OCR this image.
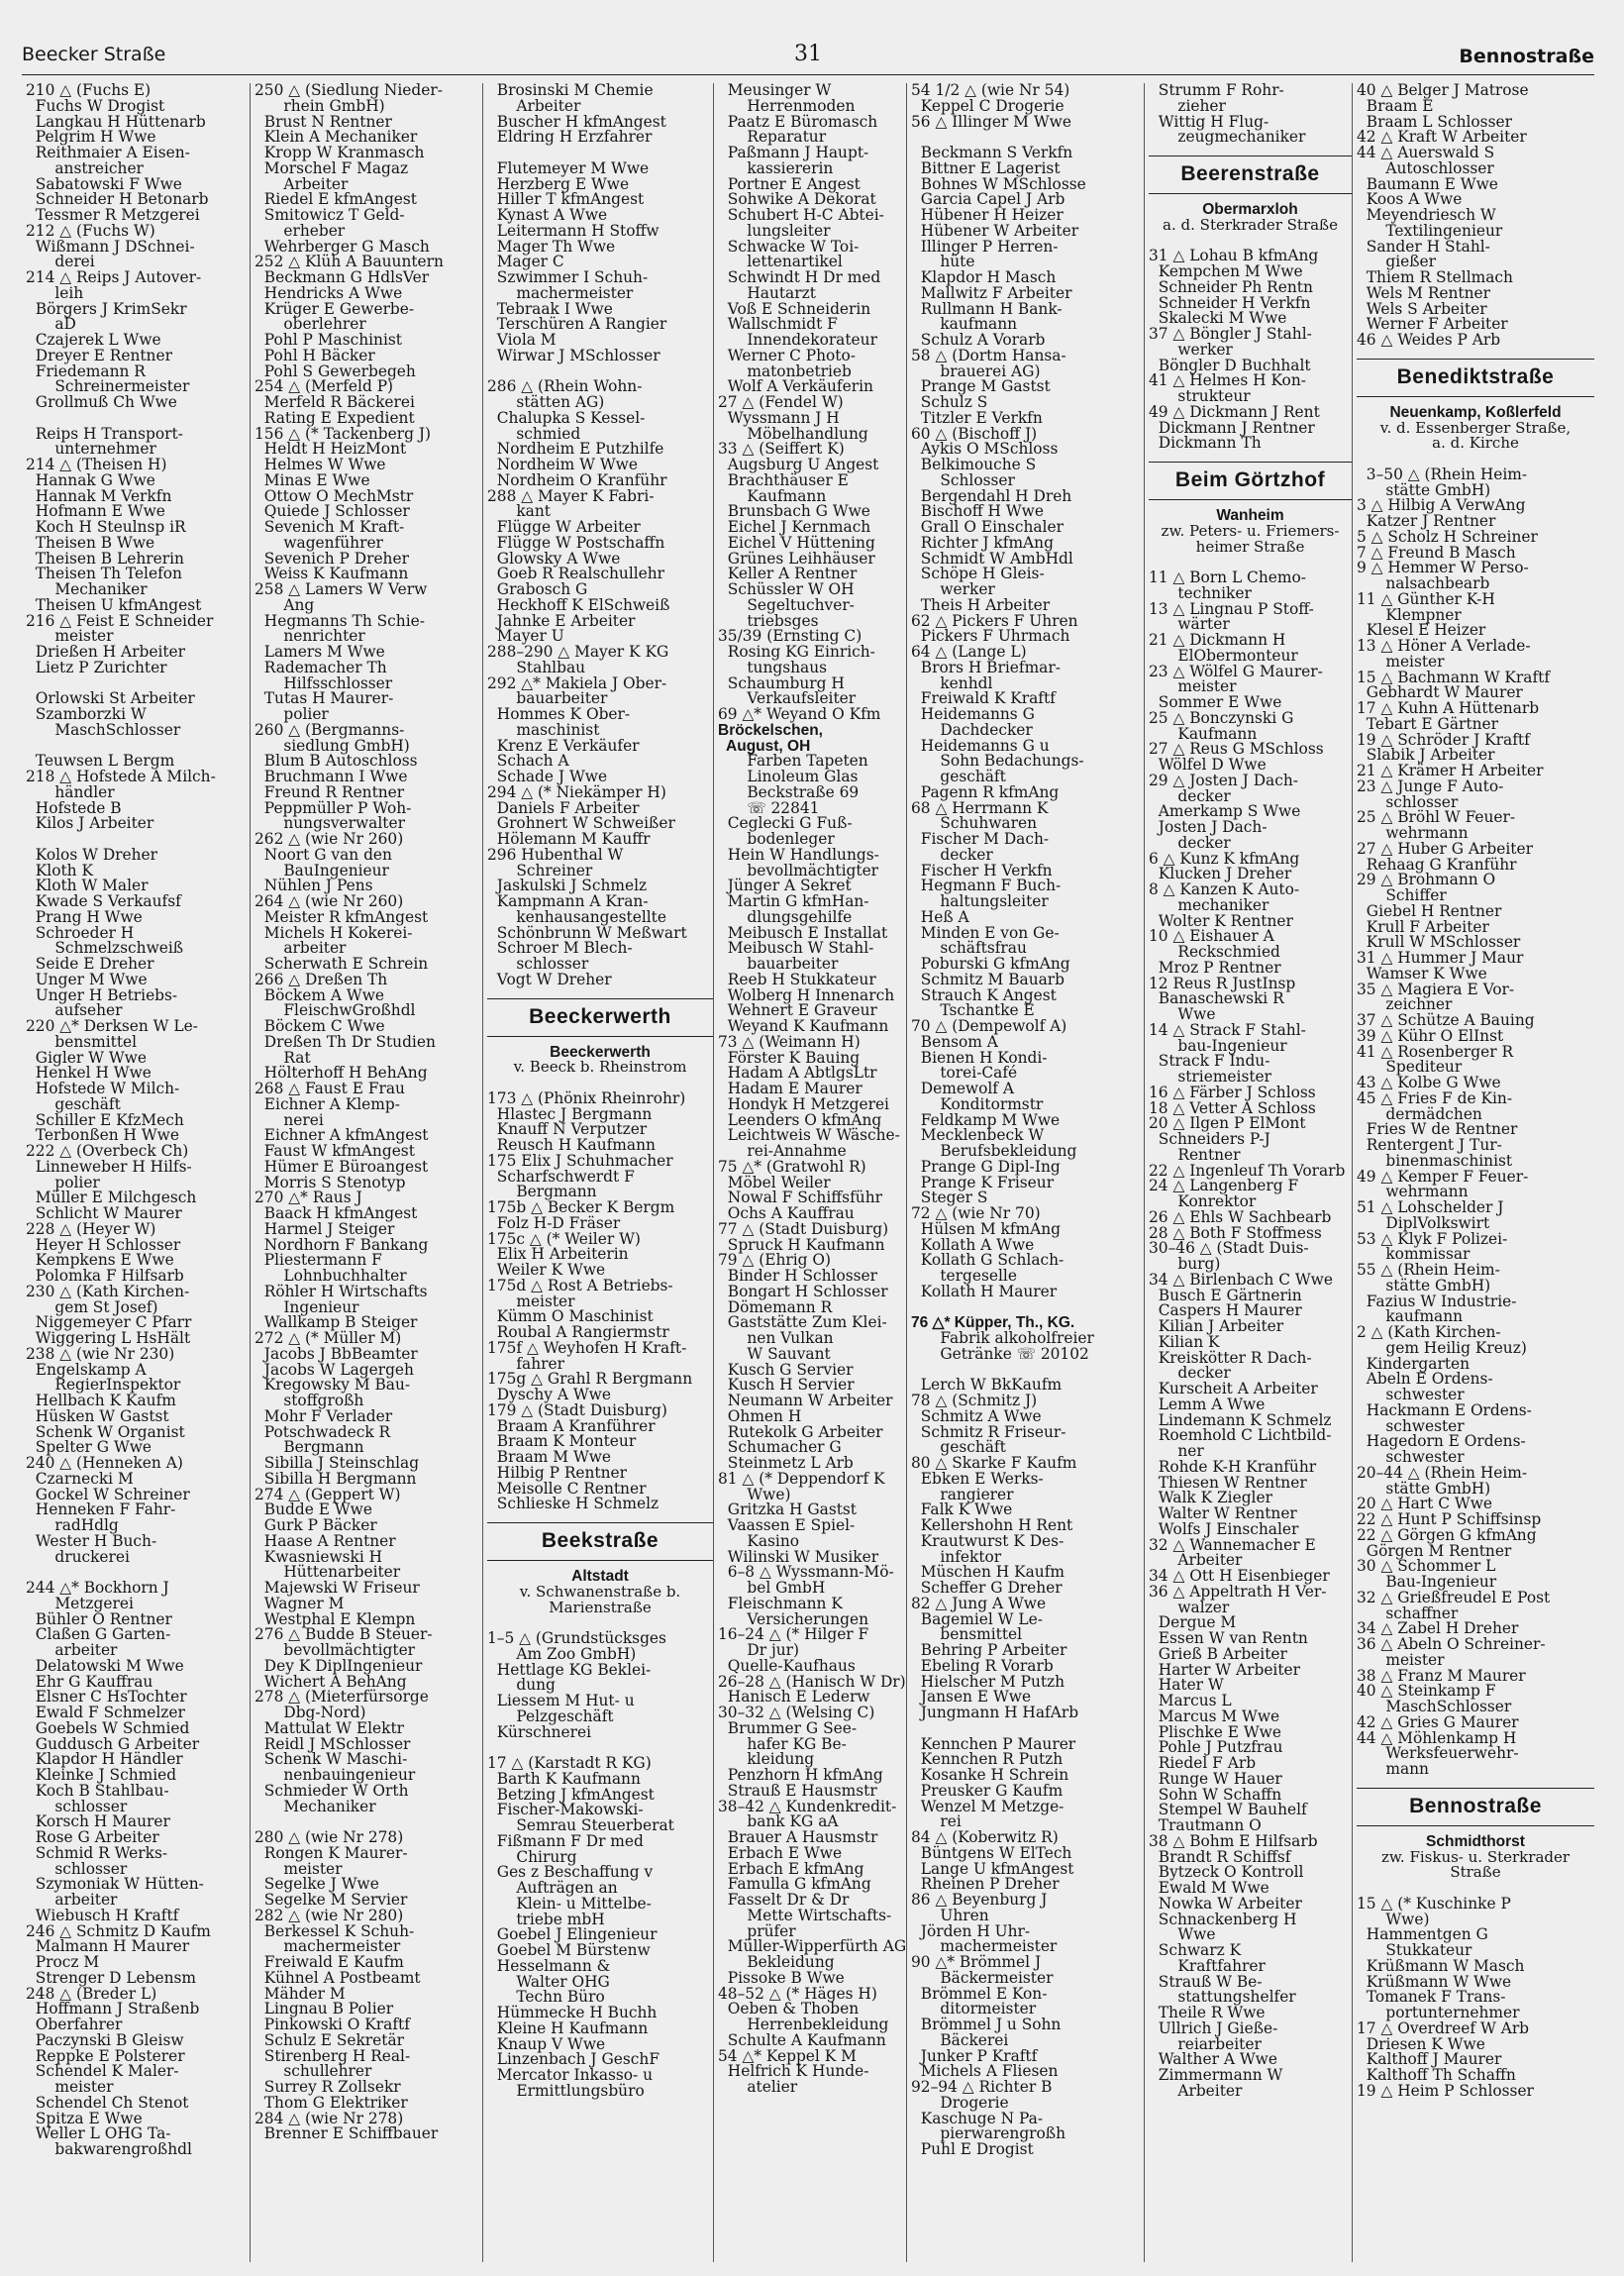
Beecker Straße	31	Bennostraße
210 △ (Fuchs E)
Fuchs W Drogist
Langkau H Hüttenarb
Pelgrim H Wwe
Reithmaier A Eisen-
anstreicher
Sabatowski F Wwe
Schneider H Betonarb
Tessmer R Metzgerei
212 △ (Fuchs W)
Wißmann J DSchnei-
derei
214 △ Reips J Autover-
leih
Börgers J KrimSekr
aD
Czajerek L Wwe
Dreyer E Rentner
Friedemann R
Schreinermeister
Grollmuß Ch Wwe

Reips H Transport-
unternehmer
214 △ (Theisen H)
Hannak G Wwe
Hannak M Verkfn
Hofmann E Wwe
Koch H Steulnsp iR
Theisen B Wwe
Theisen B Lehrerin
Theisen Th Telefon
Mechaniker
Theisen U kfmAngest
216 △ Feist E Schneider
meister
Drießen H Arbeiter
Lietz P Zurichter

Orlowski St Arbeiter
Szamborzki W
MaschSchlosser

Teuwsen L Bergm
218 △ Hofstede A Milch-
händler
Hofstede B
Kilos J Arbeiter

Kolos W Dreher
Kloth K
Kloth W Maler
Kwade S Verkaufsf
Prang H Wwe
Schroeder H
Schmelzschweiß
Seide E Dreher
Unger M Wwe
Unger H Betriebs-
aufseher
220 △* Derksen W Le-
bensmittel
Gigler W Wwe
Henkel H Wwe
Hofstede W Milch-
geschäft
Schiller E KfzMech
Terbonßen H Wwe
222 △ (Overbeck Ch)
Linneweber H Hilfs-
polier
Müller E Milchgesch
Schlicht W Maurer
228 △ (Heyer W)
Heyer H Schlosser
Kempkens E Wwe
Polomka F Hilfsarb
230 △ (Kath Kirchen-
gem St Josef)
Niggemeyer C Pfarr
Wiggering L HsHält
238 △ (wie Nr 230)
Engelskamp A
RegierInspektor
Hellbach K Kaufm
Hüsken W Gastst
Schenk W Organist
Spelter G Wwe
240 △ (Henneken A)
Czarnecki M
Gockel W Schreiner
Henneken F Fahr-
radHdlg
Wester H Buch-
druckerei

244 △* Bockhorn J
Metzgerei
Bühler O Rentner
Claßen G Garten-
arbeiter
Delatowski M Wwe
Ehr G Kauffrau
Elsner C HsTochter
Ewald F Schmelzer
Goebels W Schmied
Guddusch G Arbeiter
Klapdor H Händler
Kleinke J Schmied
Koch B Stahlbau-
schlosser
Korsch H Maurer
Rose G Arbeiter
Schmid R Werks-
schlosser
Szymoniak W Hütten-
arbeiter
Wiebusch H Kraftf
246 △ Schmitz D Kaufm
Malmann H Maurer
Procz M
Strenger D Lebensm
248 △ (Breder L)
Hoffmann J Straßenb
Oberfahrer
Paczynski B Gleisw
Reppke E Polsterer
Schendel K Maler-
meister
Schendel Ch Stenot
Spitza E Wwe
Weller L OHG Ta-
bakwarengroßhdl
250 △ (Siedlung Nieder-
rhein GmbH)
Brust N Rentner
Klein A Mechaniker
Kropp W Kranmasch
Morschel F Magaz
Arbeiter
Riedel E kfmAngest
Smitowicz T Geld-
erheber
Wehrberger G Masch
252 △ Klüh A Bauuntern
Beckmann G HdlsVer
Hendricks A Wwe
Krüger E Gewerbe-
oberlehrer
Pohl P Maschinist
Pohl H Bäcker
Pohl S Gewerbegeh
254 △ (Merfeld P)
Merfeld R Bäckerei
Rating E Expedient
156 △ (* Tackenberg J)
Heldt H HeizMont
Helmes W Wwe
Minas E Wwe
Ottow O MechMstr
Quiede J Schlosser
Sevenich M Kraft-
wagenführer
Sevenich P Dreher
Weiss K Kaufmann
258 △ Lamers W Verw
Ang
Hegmanns Th Schie-
nenrichter
Lamers M Wwe
Rademacher Th
Hilfsschlosser
Tutas H Maurer-
polier
260 △ (Bergmanns-
siedlung GmbH)
Blum B Autoschloss
Bruchmann I Wwe
Freund R Rentner
Peppmüller P Woh-
nungsverwalter
262 △ (wie Nr 260)
Noort G van den
BauIngenieur
Nühlen J Pens
264 △ (wie Nr 260)
Meister R kfmAngest
Michels H Kokerei-
arbeiter
Scherwath E Schrein
266 △ Dreßen Th
Böckem A Wwe
FleischwGroßhdl
Böckem C Wwe
Dreßen Th Dr Studien
Rat
Hölterhoff H BehAng
268 △ Faust E Frau
Eichner A Klemp-
nerei
Eichner A kfmAngest
Faust W kfmAngest
Hümer E Büroangest
Morris S Stenotyp
270 △* Raus J
Baack H kfmAngest
Harmel J Steiger
Nordhorn F Bankang
Pliestermann F
Lohnbuchhalter
Röhler H Wirtschafts
Ingenieur
Wallkamp B Steiger
272 △ (* Müller M)
Jacobs J BbBeamter
Jacobs W Lagergeh
Kregowsky M Bau-
stoffgroßh
Mohr F Verlader
Potschwadeck R
Bergmann
Sibilla J Steinschlag
Sibilla H Bergmann
274 △ (Geppert W)
Budde E Wwe
Gurk P Bäcker
Haase A Rentner
Kwasniewski H
Hüttenarbeiter
Majewski W Friseur
Wagner M
Westphal E Klempn
276 △ Budde B Steuer-
bevollmächtigter
Dey K DiplIngenieur
Wichert A BehAng
278 △ (Mieterfürsorge
Dbg-Nord)
Mattulat W Elektr
Reidl J MSchlosser
Schenk W Maschi-
nenbauingenieur
Schmieder W Orth
Mechaniker

280 △ (wie Nr 278)
Rongen K Maurer-
meister
Segelke J Wwe
Segelke M Servier
282 △ (wie Nr 280)
Berkessel K Schuh-
machermeister
Freiwald E Kaufm
Kühnel A Postbeamt
Mähder M
Lingnau B Polier
Pinkowski O Kraftf
Schulz E Sekretär
Stirenberg H Real-
schullehrer
Surrey R Zollsekr
Thom G Elektriker
284 △ (wie Nr 278)
Brenner E Schiffbauer
Brosinski M Chemie
Arbeiter
Buscher H kfmAngest
Eldring H Erzfahrer

Flutemeyer M Wwe
Herzberg E Wwe
Hiller T kfmAngest
Kynast A Wwe
Leitermann H Stoffw
Mager Th Wwe
Mager C
Szwimmer I Schuh-
machermeister
Tebraak I Wwe
Terschüren A Rangier
Viola M
Wirwar J MSchlosser

286 △ (Rhein Wohn-
stätten AG)
Chalupka S Kessel-
schmied
Nordheim E Putzhilfe
Nordheim W Wwe
Nordheim O Kranführ
288 △ Mayer K Fabri-
kant
Flügge W Arbeiter
Flügge W Postschaffn
Glowsky A Wwe
Goeb R Realschullehr
Grabosch G
Heckhoff K ElSchweiß
Jahnke E Arbeiter
Mayer U
288–290 △ Mayer K KG
Stahlbau
292 △* Makiela J Ober-
bauarbeiter
Hommes K Ober-
maschinist
Krenz E Verkäufer
Schach A
Schade J Wwe
294 △ (* Niekämper H)
Daniels F Arbeiter
Grohnert W Schweißer
Hölemann M Kauffr
296 Hubenthal W
Schreiner
Jaskulski J Schmelz
Kampmann A Kran-
kenhausangestellte
Schönbrunn W Meßwart
Schroer M Blech-
schlosser
Vogt W Dreher
Beeckerwerth
Beeckerwerth
v. Beeck b. Rheinstrom

173 △ (Phönix Rheinrohr)
Hlastec J Bergmann
Knauff N Verputzer
Reusch H Kaufmann
175 Elix J Schuhmacher
Scharfschwerdt F
Bergmann
175b △ Becker K Bergm
Folz H-D Fräser
175c △ (* Weiler W)
Elix H Arbeiterin
Weiler K Wwe
175d △ Rost A Betriebs-
meister
Kümm O Maschinist
Roubal A Rangiermstr
175f △ Weyhofen H Kraft-
fahrer
175g △ Grahl R Bergmann
Dyschy A Wwe
179 △ (Stadt Duisburg)
Braam A Kranführer
Braam K Monteur
Braam M Wwe
Hilbig P Rentner
Meisolle C Rentner
Schlieske H Schmelz
Beekstraße
Altstadt
v. Schwanenstraße b.
Marienstraße

1–5 △ (Grundstücksges
Am Zoo GmbH)
Hettlage KG Beklei-
dung
Liessem M Hut- u
Pelzgeschäft
Kürschnerei

17 △ (Karstadt R KG)
Barth K Kaufmann
Betzing J kfmAngest
Fischer-Makowski-
Semrau Steuerberat
Fißmann F Dr med
Chirurg
Ges z Beschaffung v
Aufträgen an
Klein- u Mittelbe-
triebe mbH
Goebel J Elingenieur
Goebel M Bürstenw
Hesselmann &
Walter OHG
Techn Büro
Hümmecke H Buchh
Kleine H Kaufmann
Knaup V Wwe
Linzenbach J GeschF
Mercator Inkasso- u
Ermittlungsbüro
Meusinger W
Herrenmoden
Paatz E Büromasch
Reparatur
Paßmann J Haupt-
kassiererin
Portner E Angest
Sohwike A Dekorat
Schubert H-C Abtei-
lungsleiter
Schwacke W Toi-
lettenartikel
Schwindt H Dr med
Hautarzt
Voß E Schneiderin
Wallschmidt F
Innendekorateur
Werner C Photo-
matonbetrieb
Wolf A Verkäuferin
27 △ (Fendel W)
Wyssmann J H
Möbelhandlung
33 △ (Seiffert K)
Augsburg U Angest
Brachthäuser E
Kaufmann
Brunsbach G Wwe
Eichel J Kernmach
Eichel V Hüttening
Grünes Leihhäuser
Keller A Rentner
Schüssler W OH
Segeltuchver-
triebsges
35/39 (Ernsting C)
Rosing KG Einrich-
tungshaus
Schaumburg H
Verkaufsleiter
69 △* Weyand O Kfm
Bröckelschen,
August, OH
Farben Tapeten
Linoleum Glas
Beckstraße 69
☏ 22841
Ceglecki G Fuß-
bodenleger
Hein W Handlungs-
bevollmächtigter
Jünger A Sekret
Martin G kfmHan-
dlungsgehilfe
Meibusch E Installat
Meibusch W Stahl-
bauarbeiter
Reeb H Stukkateur
Wolberg H Innenarch
Wehnert E Graveur
Weyand K Kaufmann
73 △ (Weimann H)
Förster K Bauing
Hadam A AbtlgsLtr
Hadam E Maurer
Hondyk H Metzgerei
Leenders O kfmAng
Leichtweis W Wäsche-
rei-Annahme
75 △* (Gratwohl R)
Möbel Weiler
Nowal F Schiffsführ
Ochs A Kauffrau
77 △ (Stadt Duisburg)
Spruck H Kaufmann
79 △ (Ehrig O)
Binder H Schlosser
Bongart H Schlosser
Dömemann R
Gaststätte Zum Klei-
nen Vulkan
W Sauvant
Kusch G Servier
Kusch H Servier
Neumann W Arbeiter
Ohmen H
Rutekolk G Arbeiter
Schumacher G
Steinmetz L Arb
81 △ (* Deppendorf K
Wwe)
Gritzka H Gastst
Vaassen E Spiel-
Kasino
Wilinski W Musiker
6–8 △ Wyssmann-Mö-
bel GmbH
Fleischmann K
Versicherungen
16–24 △ (* Hilger F
Dr jur)
Quelle-Kaufhaus
26–28 △ (Hanisch W Dr)
Hanisch E Lederw
30–32 △ (Welsing C)
Brummer G See-
hafer KG Be-
kleidung
Penzhorn H kfmAng
Strauß E Hausmstr
38–42 △ Kundenkredit-
bank KG aA
Brauer A Hausmstr
Erbach E Wwe
Erbach E kfmAng
Famulla G kfmAng
Fasselt Dr & Dr
Mette Wirtschafts-
prüfer
Müller-Wipperfürth AG
Bekleidung
Pissoke B Wwe
48–52 △ (* Häges H)
Oeben & Thoben
Herrenbekleidung
Schulte A Kaufmann
54 △* Keppel K M
Helfrich K Hunde-
atelier
54 1/2 △ (wie Nr 54)
Keppel C Drogerie
56 △ Illinger M Wwe

Beckmann S Verkfn
Bittner E Lagerist
Bohnes W MSchlosse
Garcia Capel J Arb
Hübener H Heizer
Hübener W Arbeiter
Illinger P Herren-
hüte
Klapdor H Masch
Mallwitz F Arbeiter
Rullmann H Bank-
kaufmann
Schulz A Vorarb
58 △ (Dortm Hansa-
brauerei AG)
Prange M Gastst
Schulz S
Titzler E Verkfn
60 △ (Bischoff J)
Aykis O MSchloss
Belkimouche S
Schlosser
Bergendahl H Dreh
Bischoff H Wwe
Grall O Einschaler
Richter J kfmAng
Schmidt W AmbHdl
Schöpe H Gleis-
werker
Theis H Arbeiter
62 △ Pickers F Uhren
Pickers F Uhrmach
64 △ (Lange L)
Brors H Briefmar-
kenhdl
Freiwald K Kraftf
Heidemanns G
Dachdecker
Heidemanns G u
Sohn Bedachungs-
geschäft
Pagenn R kfmAng
68 △ Herrmann K
Schuhwaren
Fischer M Dach-
decker
Fischer H Verkfn
Hegmann F Buch-
haltungsleiter
Heß A
Minden E von Ge-
schäftsfrau
Poburski G kfmAng
Schmitz M Bauarb
Strauch K Angest
Tschantke E
70 △ (Dempewolf A)
Bensom A
Bienen H Kondi-
torei-Café
Demewolf A
Konditormstr
Feldkamp M Wwe
Mecklenbeck W
Berufsbekleidung
Prange G Dipl-Ing
Prange K Friseur
Steger S
72 △ (wie Nr 70)
Hülsen M kfmAng
Kollath A Wwe
Kollath G Schlach-
tergeselle
Kollath H Maurer

76 △* Küpper, Th., KG.
Fabrik alkoholfreier
Getränke ☏ 20102

Lerch W BkKaufm
78 △ (Schmitz J)
Schmitz A Wwe
Schmitz R Friseur-
geschäft
80 △ Skarke F Kaufm
Ebken E Werks-
rangierer
Falk K Wwe
Kellershohn H Rent
Krautwurst K Des-
infektor
Müschen H Kaufm
Scheffer G Dreher
82 △ Jung A Wwe
Bagemiel W Le-
bensmittel
Behring P Arbeiter
Ebeling R Vorarb
Hielscher M Putzh
Jansen E Wwe
Jungmann H HafArb

Kennchen P Maurer
Kennchen R Putzh
Kosanke H Schrein
Preusker G Kaufm
Wenzel M Metzge-
rei
84 △ (Koberwitz R)
Büntgens W ElTech
Lange U kfmAngest
Rheinen P Dreher
86 △ Beyenburg J
Uhren
Jörden H Uhr-
machermeister
90 △* Brömmel J
Bäckermeister
Brömmel E Kon-
ditormeister
Brömmel J u Sohn
Bäckerei
Junker P Kraftf
Michels A Fliesen
92–94 △ Richter B
Drogerie
Kaschuge N Pa-
pierwarengroßh
Puhl E Drogist
Strumm F Rohr-
zieher
Wittig H Flug-
zeugmechaniker
Beerenstraße
Obermarxloh
a. d. Sterkrader Straße

31 △ Lohau B kfmAng
Kempchen M Wwe
Schneider Ph Rentn
Schneider H Verkfn
Skalecki M Wwe
37 △ Böngler J Stahl-
werker
Böngler D Buchhalt
41 △ Helmes H Kon-
strukteur
49 △ Dickmann J Rent
Dickmann J Rentner
Dickmann Th
Beim Görtzhof
Wanheim
zw. Peters- u. Friemers-
heimer Straße

11 △ Born L Chemo-
techniker
13 △ Lingnau P Stoff-
wärter
21 △ Dickmann H
ElObermonteur
23 △ Wölfel G Maurer-
meister
Sommer E Wwe
25 △ Bonczynski G
Kaufmann
27 △ Reus G MSchloss
Wölfel D Wwe
29 △ Josten J Dach-
decker
Amerkamp S Wwe
Josten J Dach-
decker
6 △ Kunz K kfmAng
Klucken J Dreher
8 △ Kanzen K Auto-
mechaniker
Wolter K Rentner
10 △ Eishauer A
Reckschmied
Mroz P Rentner
12 Reus R JustInsp
Banaschewski R
Wwe
14 △ Strack F Stahl-
bau-Ingenieur
Strack F Indu-
striemeister
16 △ Färber J Schloss
18 △ Vetter A Schloss
20 △ Ilgen P ElMont
Schneiders P-J
Rentner
22 △ Ingenleuf Th Vorarb
24 △ Langenberg F
Konrektor
26 △ Ehls W Sachbearb
28 △ Both F Stoffmess
30–46 △ (Stadt Duis-
burg)
34 △ Birlenbach C Wwe
Busch E Gärtnerin
Caspers H Maurer
Kilian J Arbeiter
Kilian K
Kreiskötter R Dach-
decker
Kurscheit A Arbeiter
Lemm A Wwe
Lindemann K Schmelz
Roemhold C Lichtbild-
ner
Rohde K-H Kranführ
Thiesen W Rentner
Walk K Ziegler
Walter W Rentner
Wolfs J Einschaler
32 △ Wannemacher E
Arbeiter
34 △ Ott H Eisenbieger
36 △ Appeltrath H Ver-
walzer
Dergue M
Essen W van Rentn
Grieß B Arbeiter
Harter W Arbeiter
Hater W
Marcus L
Marcus M Wwe
Plischke E Wwe
Pohle J Putzfrau
Riedel F Arb
Runge W Hauer
Sohn W Schaffn
Stempel W Bauhelf
Trautmann O
38 △ Bohm E Hilfsarb
Brandt R Schiffsf
Bytzeck O Kontroll
Ewald M Wwe
Nowka W Arbeiter
Schnackenberg H
Wwe
Schwarz K
Kraftfahrer
Strauß W Be-
stattungshelfer
Theile R Wwe
Ullrich J Gieße-
reiarbeiter
Walther A Wwe
Zimmermann W
Arbeiter
40 △ Belger J Matrose
Braam E
Braam L Schlosser
42 △ Kraft W Arbeiter
44 △ Auerswald S
Autoschlosser
Baumann E Wwe
Koos A Wwe
Meyendriesch W
Textilingenieur
Sander H Stahl-
gießer
Thiem R Stellmach
Wels M Rentner
Wels S Arbeiter
Werner F Arbeiter
46 △ Weides P Arb
Benediktstraße
Neuenkamp, Koßlerfeld
v. d. Essenberger Straße,
a. d. Kirche

3–50 △ (Rhein Heim-
stätte GmbH)
3 △ Hilbig A VerwAng
Katzer J Rentner
5 △ Scholz H Schreiner
7 △ Freund B Masch
9 △ Hemmer W Perso-
nalsachbearb
11 △ Günther K-H
Klempner
Klesel E Heizer
13 △ Höner A Verlade-
meister
15 △ Bachmann W Kraftf
Gebhardt W Maurer
17 △ Kuhn A Hüttenarb
Tebart E Gärtner
19 △ Schröder J Kraftf
Slabik J Arbeiter
21 △ Krämer H Arbeiter
23 △ Junge F Auto-
schlosser
25 △ Bröhl W Feuer-
wehrmann
27 △ Huber G Arbeiter
Rehaag G Kranführ
29 △ Brohmann O
Schiffer
Giebel H Rentner
Krull F Arbeiter
Krull W MSchlosser
31 △ Hummer J Maur
Wamser K Wwe
35 △ Magiera E Vor-
zeichner
37 △ Schütze A Bauing
39 △ Kühr O ElInst
41 △ Rosenberger R
Spediteur
43 △ Kolbe G Wwe
45 △ Fries F de Kin-
dermädchen
Fries W de Rentner
Rentergent J Tur-
binenmaschinist
49 △ Kemper F Feuer-
wehrmann
51 △ Lohschelder J
DiplVolkswirt
53 △ Klyk F Polizei-
kommissar
55 △ (Rhein Heim-
stätte GmbH)
Fazius W Industrie-
kaufmann
2 △ (Kath Kirchen-
gem Heilig Kreuz)
Kindergarten
Abeln E Ordens-
schwester
Hackmann E Ordens-
schwester
Hagedorn E Ordens-
schwester
20–44 △ (Rhein Heim-
stätte GmbH)
20 △ Hart C Wwe
22 △ Hunt P Schiffsinsp
22 △ Görgen G kfmAng
Görgen M Rentner
30 △ Schommer L
Bau-Ingenieur
32 △ Grießfreudel E Post
schaffner
34 △ Zabel H Dreher
36 △ Abeln O Schreiner-
meister
38 △ Franz M Maurer
40 △ Steinkamp F
MaschSchlosser
42 △ Gries G Maurer
44 △ Möhlenkamp H
Werksfeuerwehr-
mann
Bennostraße
Schmidthorst
zw. Fiskus- u. Sterkrader
Straße

15 △ (* Kuschinke P
Wwe)
Hammentgen G
Stukkateur
Krüßmann W Masch
Krüßmann W Wwe
Tomanek F Trans-
portunternehmer
17 △ Overdreef W Arb
Driesen K Wwe
Kalthoff J Maurer
Kalthoff Th Schaffn
19 △ Heim P Schlosser
